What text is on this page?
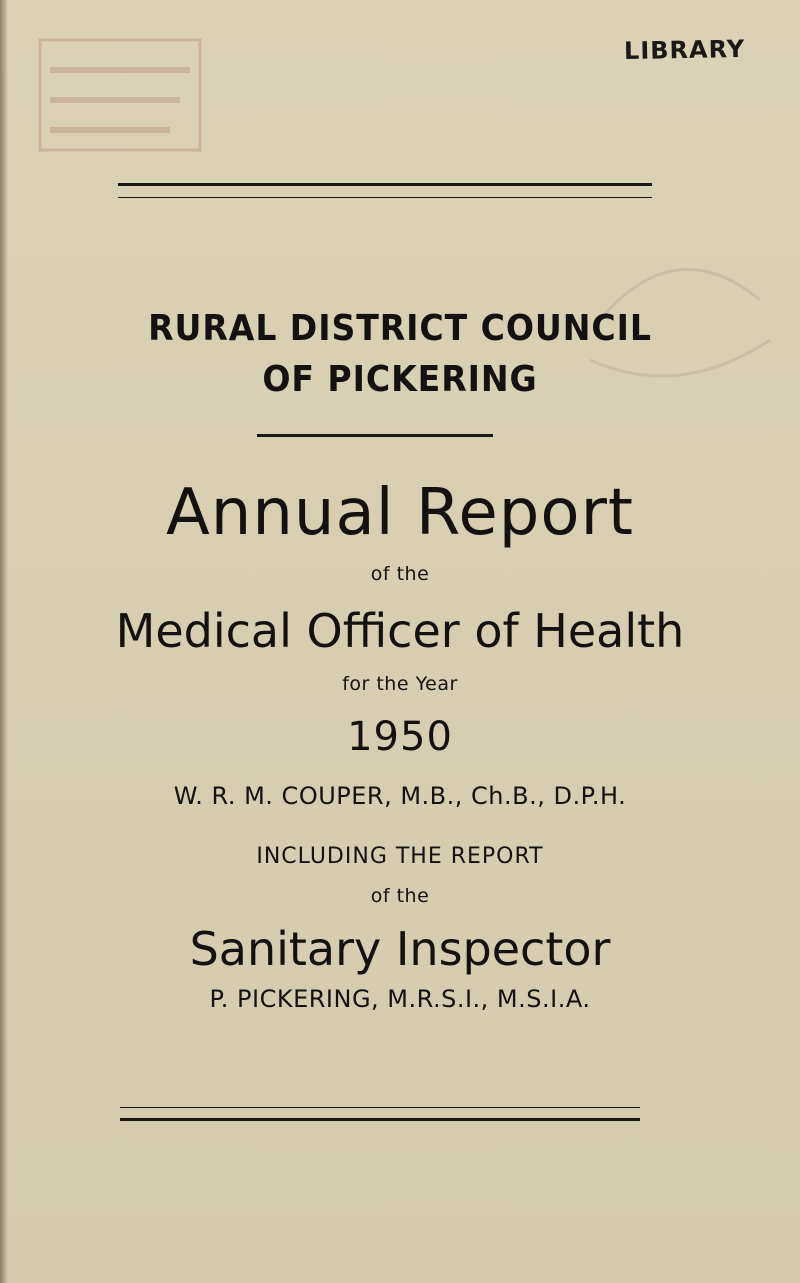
LIBRARY
RURAL DISTRICT COUNCIL
OF PICKERING
Annual Report
of the
Medical Officer of Health
for the Year
1950
W. R. M. COUPER, M.B., Ch.B., D.P.H.
INCLUDING THE REPORT
of the
Sanitary Inspector
P. PICKERING, M.R.S.I., M.S.I.A.
